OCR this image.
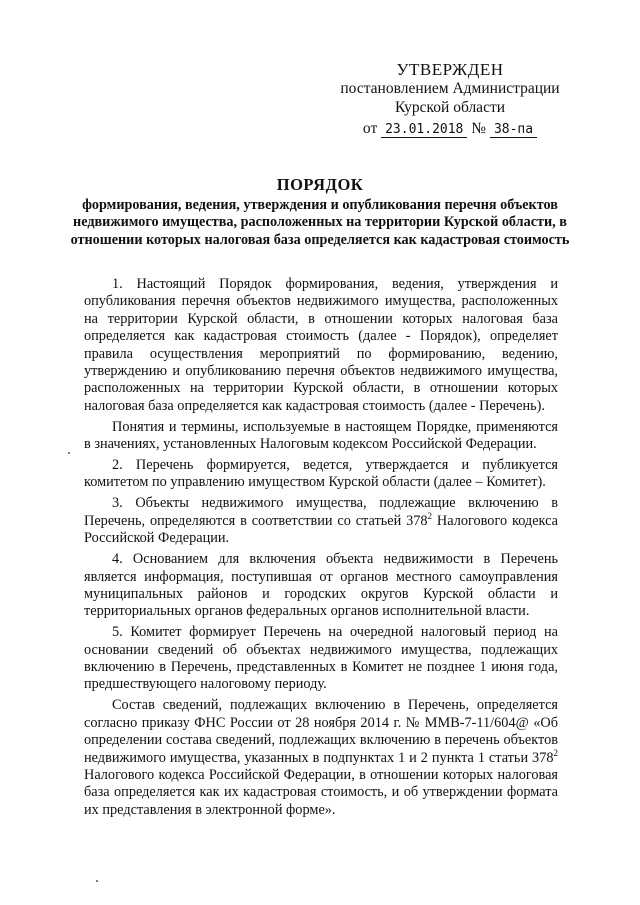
УТВЕРЖДЕН
постановлением Администрации
Курской области
от 23.01.2018 № 38-па
ПОРЯДОК
формирования, ведения, утверждения и опубликования перечня объектов недвижимого имущества, расположенных на территории Курской области, в отношении которых налоговая база определяется как кадастровая стоимость

1. Настоящий Порядок формирования, ведения, утверждения и опубликования перечня объектов недвижимого имущества, расположенных на территории Курской области, в отношении которых налоговая база определяется как кадастровая стоимость (далее - Порядок), определяет правила осуществления мероприятий по формированию, ведению, утверждению и опубликованию перечня объектов недвижимого имущества, расположенных на территории Курской области, в отношении которых налоговая база определяется как кадастровая стоимость (далее - Перечень).

Понятия и термины, используемые в настоящем Порядке, применяются в значениях, установленных Налоговым кодексом Российской Федерации.

2. Перечень формируется, ведется, утверждается и публикуется комитетом по управлению имуществом Курской области (далее – Комитет).

3. Объекты недвижимого имущества, подлежащие включению в Перечень, определяются в соответствии со статьей $378^2$ Налогового кодекса Российской Федерации.

4. Основанием для включения объекта недвижимости в Перечень является информация, поступившая от органов местного самоуправления муниципальных районов и городских округов Курской области и территориальных органов федеральных органов исполнительной власти.

5. Комитет формирует Перечень на очередной налоговый период на основании сведений об объектах недвижимого имущества, подлежащих включению в Перечень, представленных в Комитет не позднее 1 июня года, предшествующего налоговому периоду.

Состав сведений, подлежащих включению в Перечень, определяется согласно приказу ФНС России от 28 ноября 2014 г. № ММВ-7-11/604@ «Об определении состава сведений, подлежащих включению в перечень объектов недвижимого имущества, указанных в подпунктах 1 и 2 пункта 1 статьи $378^2$ Налогового кодекса Российской Федерации, в отношении которых налоговая база определяется как их кадастровая стоимость, и об утверждении формата их представления в электронной форме».
